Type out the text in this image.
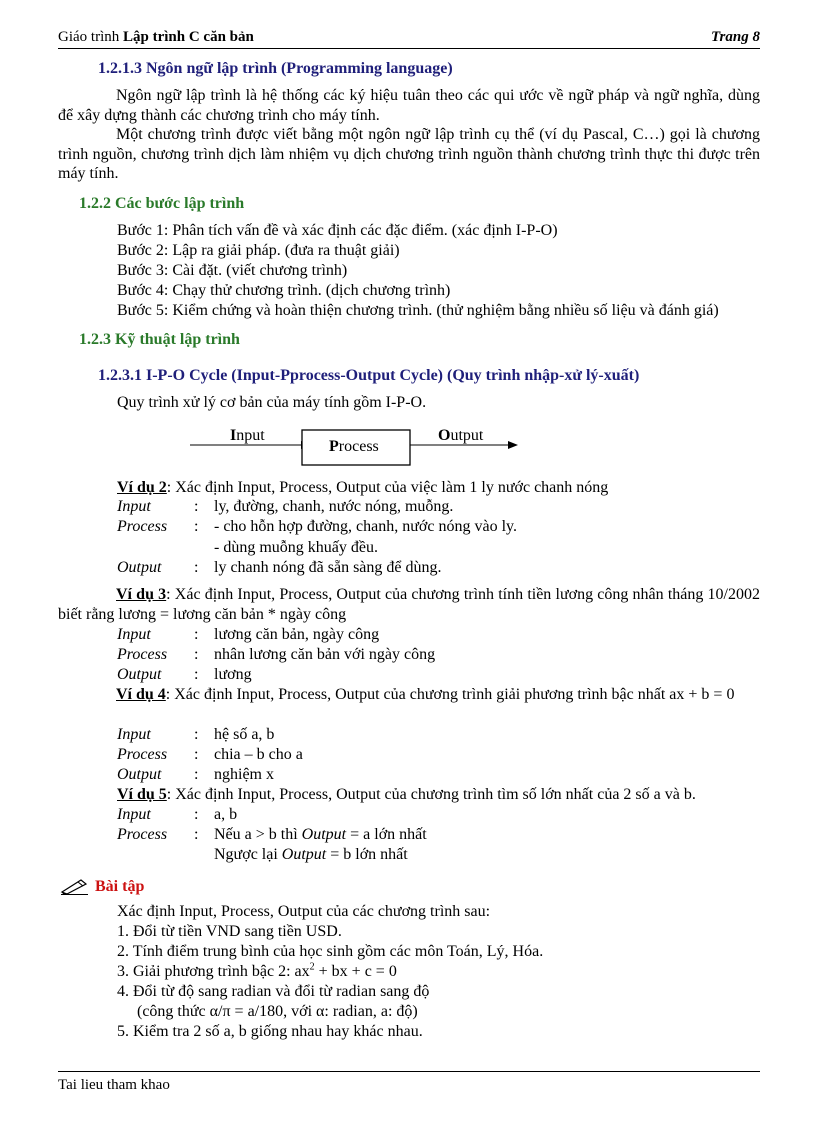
Giáo trình Lập trình C căn bản	Trang 8
1.2.1.3 Ngôn ngữ lập trình (Programming language)
Ngôn ngữ lập trình là hệ thống các ký hiệu tuân theo các qui ước về ngữ pháp và ngữ nghĩa, dùng để xây dựng thành các chương trình cho máy tính.
Một chương trình được viết bằng một ngôn ngữ lập trình cụ thể (ví dụ Pascal, C…) gọi là chương trình nguồn, chương trình dịch làm nhiệm vụ dịch chương trình nguồn thành chương trình thực thi được trên máy tính.
1.2.2 Các bước lập trình
Bước 1: Phân tích vấn đề và xác định các đặc điểm. (xác định I-P-O)
Bước 2: Lập ra giải pháp. (đưa ra thuật giải)
Bước 3: Cài đặt. (viết chương trình)
Bước 4: Chạy thử chương trình. (dịch chương trình)
Bước 5: Kiểm chứng và hoàn thiện chương trình. (thử nghiệm bằng nhiều số liệu và đánh giá)
1.2.3 Kỹ thuật lập trình
1.2.3.1 I-P-O Cycle (Input-Pprocess-Output Cycle) (Quy trình nhập-xử lý-xuất)
Quy trình xử lý cơ bản của máy tính gồm I-P-O.
Input
Process
Output
Ví dụ 2: Xác định Input, Process, Output của việc làm 1 ly nước chanh nóng
Input	: ly, đường, chanh, nước nóng, muỗng.
Process : - cho hỗn hợp đường, chanh, nước nóng vào ly.
- dùng muỗng khuấy đều.
Output : ly chanh nóng đã sẵn sàng để dùng.
Ví dụ 3: Xác định Input, Process, Output của chương trình tính tiền lương công nhân tháng 10/2002 biết rằng lương = lương căn bản * ngày công
Input	: lương căn bản, ngày công
Process : nhân lương căn bản với ngày công
Output : lương
Ví dụ 4: Xác định Input, Process, Output của chương trình giải phương trình bậc nhất ax + b = 0
Input	: hệ số a, b
Process : chia – b cho a
Output : nghiệm x
Ví dụ 5: Xác định Input, Process, Output của chương trình tìm số lớn nhất của 2 số a và b.
Input	: a, b
Process : Nếu a > b thì Output = a lớn nhất
Ngược lại Output = b lớn nhất
Bài tập
Xác định Input, Process, Output của các chương trình sau:
1. Đổi từ tiền VND sang tiền USD.
2. Tính điểm trung bình của học sinh gồm các môn Toán, Lý, Hóa.
3. Giải phương trình bậc 2: $ax^2$ + bx + c = 0
4. Đổi từ độ sang radian và đổi từ radian sang độ
(công thức α/π = a/180, với α: radian, a: độ)
5. Kiểm tra 2 số a, b giống nhau hay khác nhau.
Tai lieu tham khao
